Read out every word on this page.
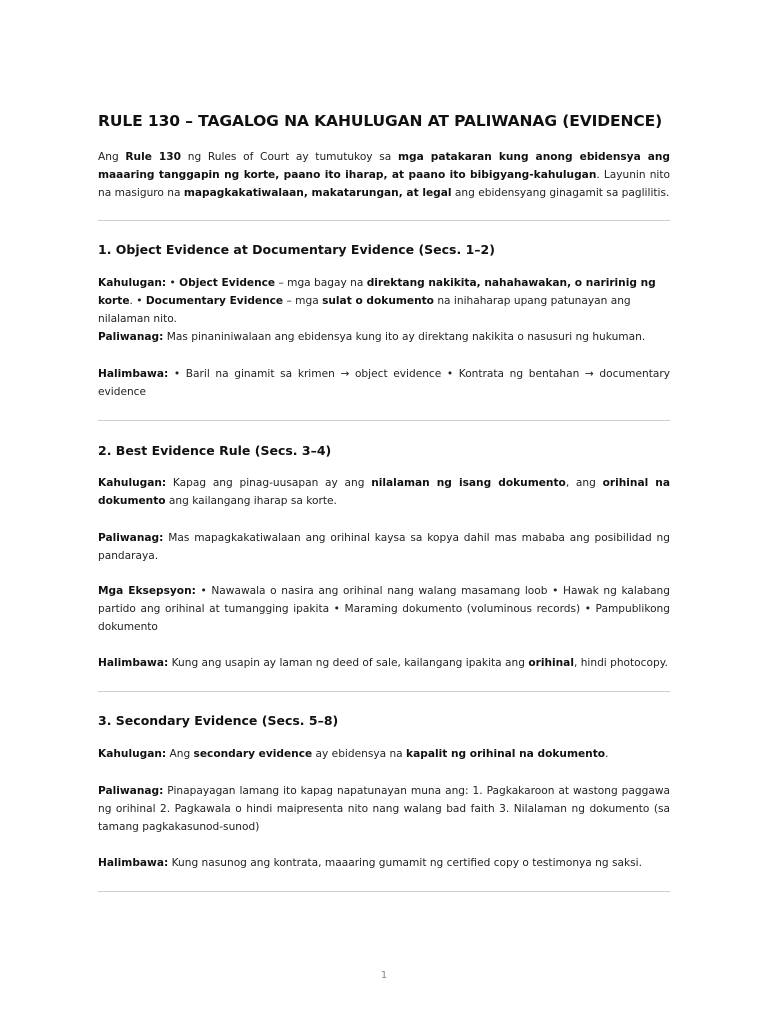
RULE 130 – TAGALOG NA KAHULUGAN AT PALIWANAG (EVIDENCE)

Ang Rule 130 ng Rules of Court ay tumutukoy sa mga patakaran kung anong ebidensya ang maaaring tanggapin ng korte, paano ito iharap, at paano ito bibigyang-kahulugan. Layunin nito na masiguro na mapagkakatiwalaan, makatarungan, at legal ang ebidensyang ginagamit sa paglilitis.

1. Object Evidence at Documentary Evidence (Secs. 1–2)

Kahulugan: • Object Evidence – mga bagay na direktang nakikita, nahahawakan, o naririnig ng korte. • Documentary Evidence – mga sulat o dokumento na inihaharap upang patunayan ang nilalaman nito.

Paliwanag: Mas pinaniniwalaan ang ebidensya kung ito ay direktang nakikita o nasusuri ng hukuman.

Halimbawa: • Baril na ginamit sa krimen → object evidence • Kontrata ng bentahan → documentary evidence

2. Best Evidence Rule (Secs. 3–4)

Kahulugan: Kapag ang pinag-uusapan ay ang nilalaman ng isang dokumento, ang orihinal na dokumento ang kailangang iharap sa korte.

Paliwanag: Mas mapagkakatiwalaan ang orihinal kaysa sa kopya dahil mas mababa ang posibilidad ng pandaraya.

Mga Eksepsyon: • Nawawala o nasira ang orihinal nang walang masamang loob • Hawak ng kalabang partido ang orihinal at tumangging ipakita • Maraming dokumento (voluminous records) • Pampublikong dokumento

Halimbawa: Kung ang usapin ay laman ng deed of sale, kailangang ipakita ang orihinal, hindi photocopy.

3. Secondary Evidence (Secs. 5–8)

Kahulugan: Ang secondary evidence ay ebidensya na kapalit ng orihinal na dokumento.

Paliwanag: Pinapayagan lamang ito kapag napatunayan muna ang: 1. Pagkakaroon at wastong paggawa ng orihinal 2. Pagkawala o hindi maipresenta nito nang walang bad faith 3. Nilalaman ng dokumento (sa tamang pagkakasunod-sunod)

Halimbawa: Kung nasunog ang kontrata, maaaring gumamit ng certified copy o testimonya ng saksi.

1
